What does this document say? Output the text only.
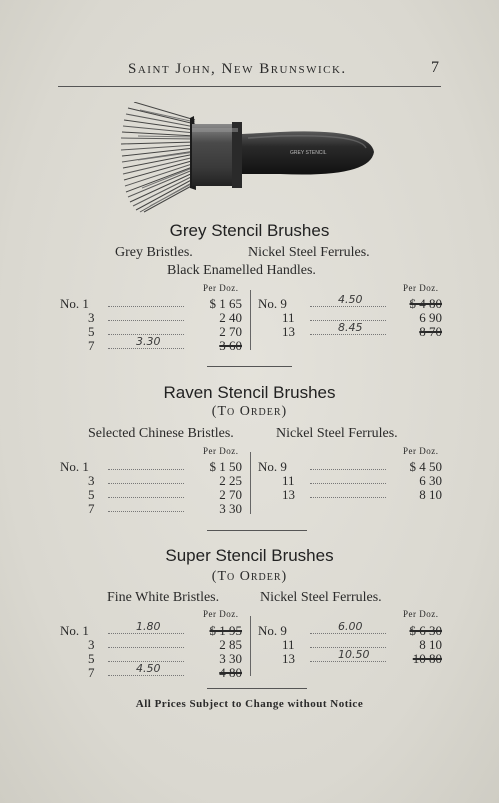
Saint John, New Brunswick.	7
GREY STENCIL
Grey Stencil Brushes
Grey Bristles.	Nickel Steel Ferrules.
Black Enamelled Handles.
Per Doz.	Per Doz.
No. 1	$ 1 65
3	2 40
5	2 70
7	3 60
3.30
No. 9	$ 4 80
4.50
11	6 90
13	8 70
8.45
Raven Stencil Brushes
(To Order)
Selected Chinese Bristles.	Nickel Steel Ferrules.
Per Doz.	Per Doz.
No. 1	$ 1 50
3	2 25
5	2 70
7	3 30
No. 9	$ 4 50
11	6 30
13	8 10
Super Stencil Brushes
(To Order)
Fine White Bristles.	Nickel Steel Ferrules.
Per Doz.	Per Doz.
No. 1	$ 1 95
1.80
3	2 85
5	3 30
7	4 80
4.50
No. 9	$ 6 30
6.00
11	8 10
13	10 80
10.50
All Prices Subject to Change without Notice
